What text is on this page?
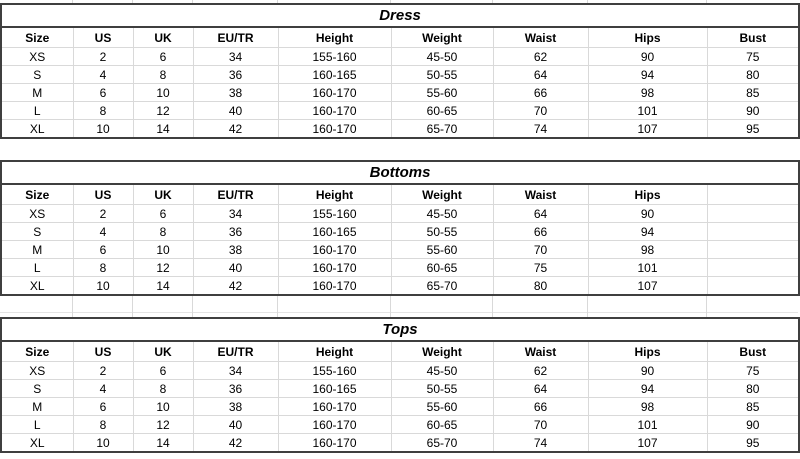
Dress								
Size	US	UK	EU/TR	Height	Weight	Waist	Hips	Bust
XS	2	6	34	155-160	45-50	62	90	75
S	4	8	36	160-165	50-55	64	94	80
M	6	10	38	160-170	55-60	66	98	85
L	8	12	40	160-170	60-65	70	101	90
XL	10	14	42	160-170	65-70	74	107	95
Bottoms								
Size	US	UK	EU/TR	Height	Weight	Waist	Hips	
XS	2	6	34	155-160	45-50	64	90	
S	4	8	36	160-165	50-55	66	94	
M	6	10	38	160-170	55-60	70	98	
L	8	12	40	160-170	60-65	75	101	
XL	10	14	42	160-170	65-70	80	107	
Tops								
Size	US	UK	EU/TR	Height	Weight	Waist	Hips	Bust
XS	2	6	34	155-160	45-50	62	90	75
S	4	8	36	160-165	50-55	64	94	80
M	6	10	38	160-170	55-60	66	98	85
L	8	12	40	160-170	60-65	70	101	90
XL	10	14	42	160-170	65-70	74	107	95
